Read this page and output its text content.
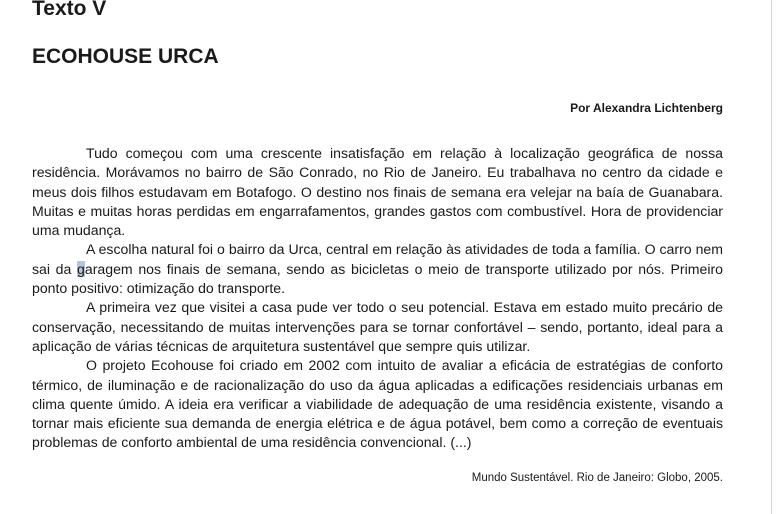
Texto V
ECOHOUSE URCA
Por Alexandra Lichtenberg

Tudo começou com uma crescente insatisfação em relação à localização geográfica de nossa residência. Morávamos no bairro de São Conrado, no Rio de Janeiro. Eu trabalhava no centro da cidade e meus dois filhos estudavam em Botafogo. O destino nos finais de semana era velejar na baía de Guanabara. Muitas e muitas horas perdidas em engarrafamentos, grandes gastos com combustível. Hora de providenciar uma mudança.

A escolha natural foi o bairro da Urca, central em relação às atividades de toda a família. O carro nem sai da garagem nos finais de semana, sendo as bicicletas o meio de transporte utilizado por nós. Primeiro ponto positivo: otimização do transporte.

A primeira vez que visitei a casa pude ver todo o seu potencial. Estava em estado muito precário de conservação, necessitando de muitas intervenções para se tornar confortável – sendo, portanto, ideal para a aplicação de várias técnicas de arquitetura sustentável que sempre quis utilizar.

O projeto Ecohouse foi criado em 2002 com intuito de avaliar a eficácia de estratégias de conforto térmico, de iluminação e de racionalização do uso da água aplicadas a edificações residenciais urbanas em clima quente úmido. A ideia era verificar a viabilidade de adequação de uma residência existente, visando a tornar mais eficiente sua demanda de energia elétrica e de água potável, bem como a correção de eventuais problemas de conforto ambiental de uma residência convencional. (...)

Mundo Sustentável. Rio de Janeiro: Globo, 2005.
